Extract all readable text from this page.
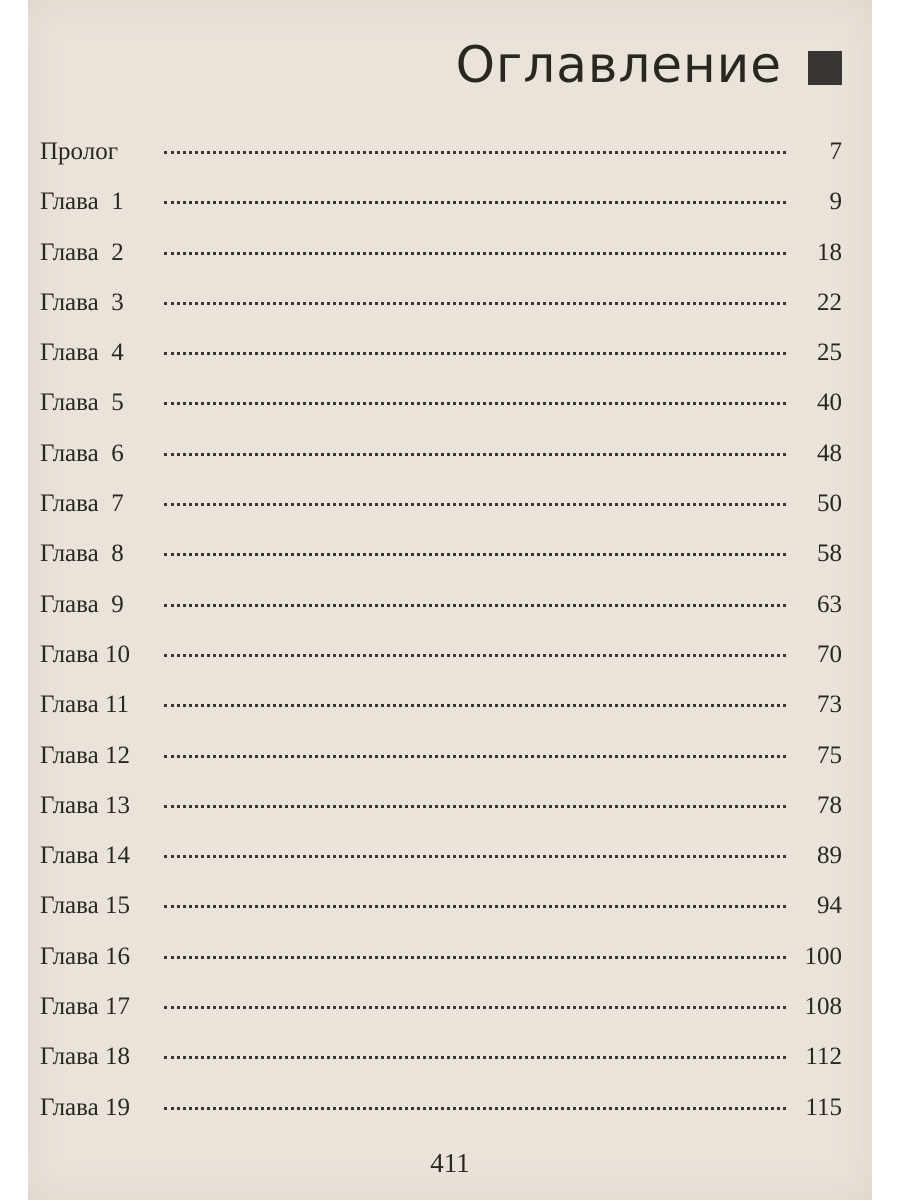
Оглавление
Пролог	7
Глава  1	9
Глава  2	18
Глава  3	22
Глава  4	25
Глава  5	40
Глава  6	48
Глава  7	50
Глава  8	58
Глава  9	63
Глава 10	70
Глава 11	73
Глава 12	75
Глава 13	78
Глава 14	89
Глава 15	94
Глава 16	100
Глава 17	108
Глава 18	112
Глава 19	115
411
